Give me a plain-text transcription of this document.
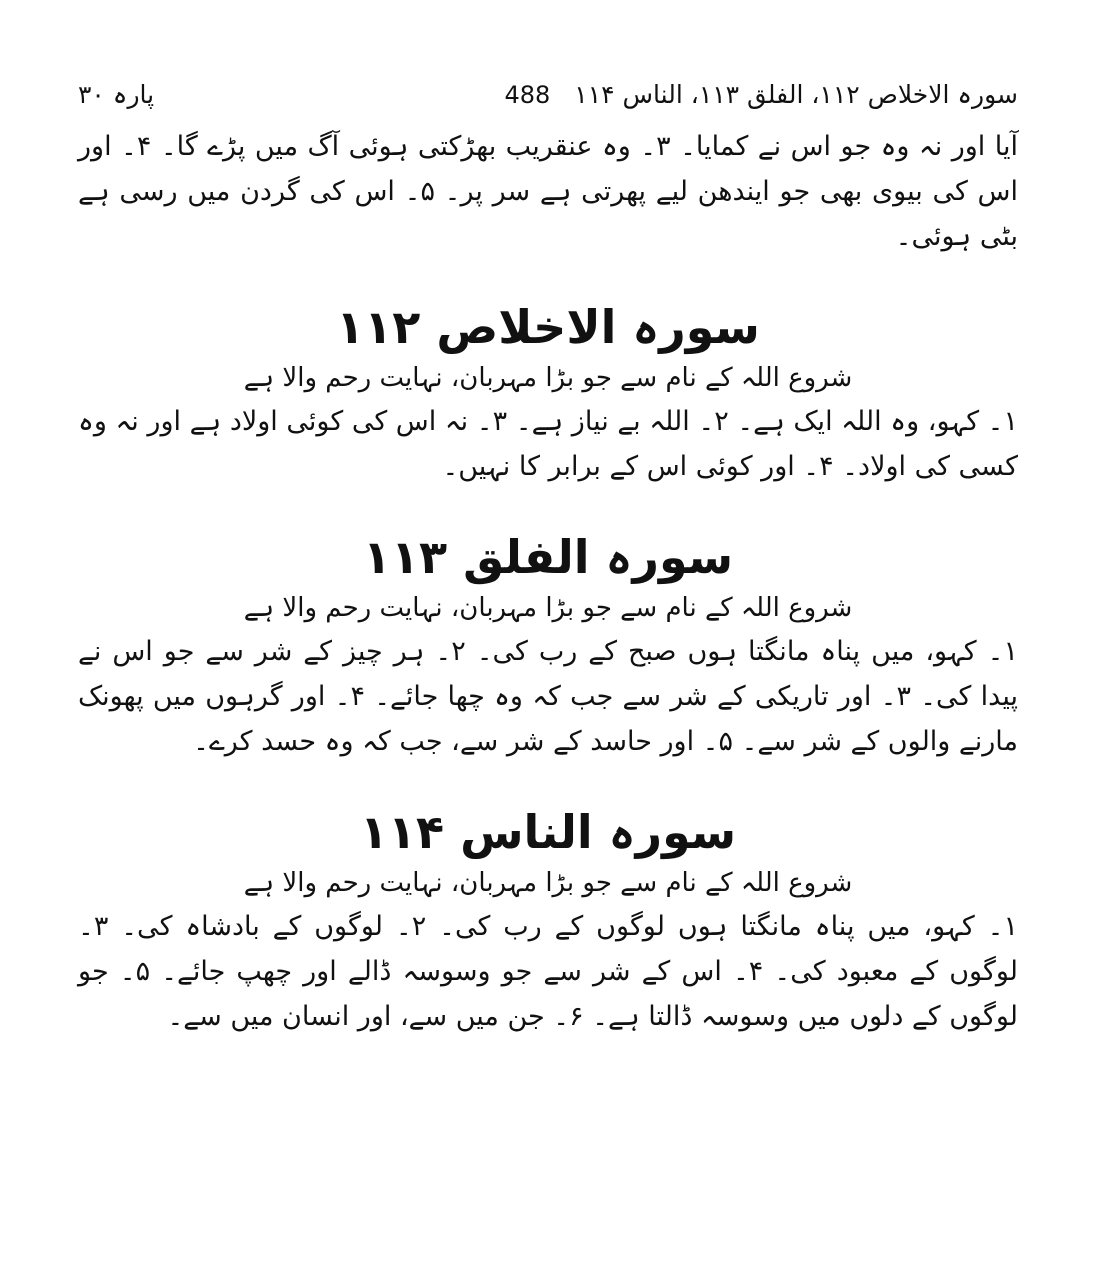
سورہ الاخلاص ۱۱۲، الفلق ۱۱۳، الناس ۱۱۴
488
پارہ ۳۰

آیا اور نہ وہ جو اس نے کمایا۔ ۳۔ وہ عنقریب بھڑکتی ہوئی آگ میں پڑے گا۔ ۴۔ اور اس کی بیوی بھی جو ایندھن لیے پھرتی ہے سر پر۔ ۵۔ اس کی گردن میں رسی ہے بٹی ہوئی۔

سورہ الاخلاص ۱۱۲

شروع اللہ کے نام سے جو بڑا مہربان، نہایت رحم والا ہے

۱۔ کہو، وہ اللہ ایک ہے۔ ۲۔ اللہ بے نیاز ہے۔ ۳۔ نہ اس کی کوئی اولاد ہے اور نہ وہ کسی کی اولاد۔ ۴۔ اور کوئی اس کے برابر کا نہیں۔

سورہ الفلق ۱۱۳

شروع اللہ کے نام سے جو بڑا مہربان، نہایت رحم والا ہے

۱۔ کہو، میں پناہ مانگتا ہوں صبح کے رب کی۔ ۲۔ ہر چیز کے شر سے جو اس نے پیدا کی۔ ۳۔ اور تاریکی کے شر سے جب کہ وہ چھا جائے۔ ۴۔ اور گرہوں میں پھونک مارنے والوں کے شر سے۔ ۵۔ اور حاسد کے شر سے، جب کہ وہ حسد کرے۔

سورہ الناس ۱۱۴

شروع اللہ کے نام سے جو بڑا مہربان، نہایت رحم والا ہے

۱۔ کہو، میں پناہ مانگتا ہوں لوگوں کے رب کی۔ ۲۔ لوگوں کے بادشاہ کی۔ ۳۔ لوگوں کے معبود کی۔ ۴۔ اس کے شر سے جو وسوسہ ڈالے اور چھپ جائے۔ ۵۔ جو لوگوں کے دلوں میں وسوسہ ڈالتا ہے۔ ۶۔ جن میں سے، اور انسان میں سے۔
